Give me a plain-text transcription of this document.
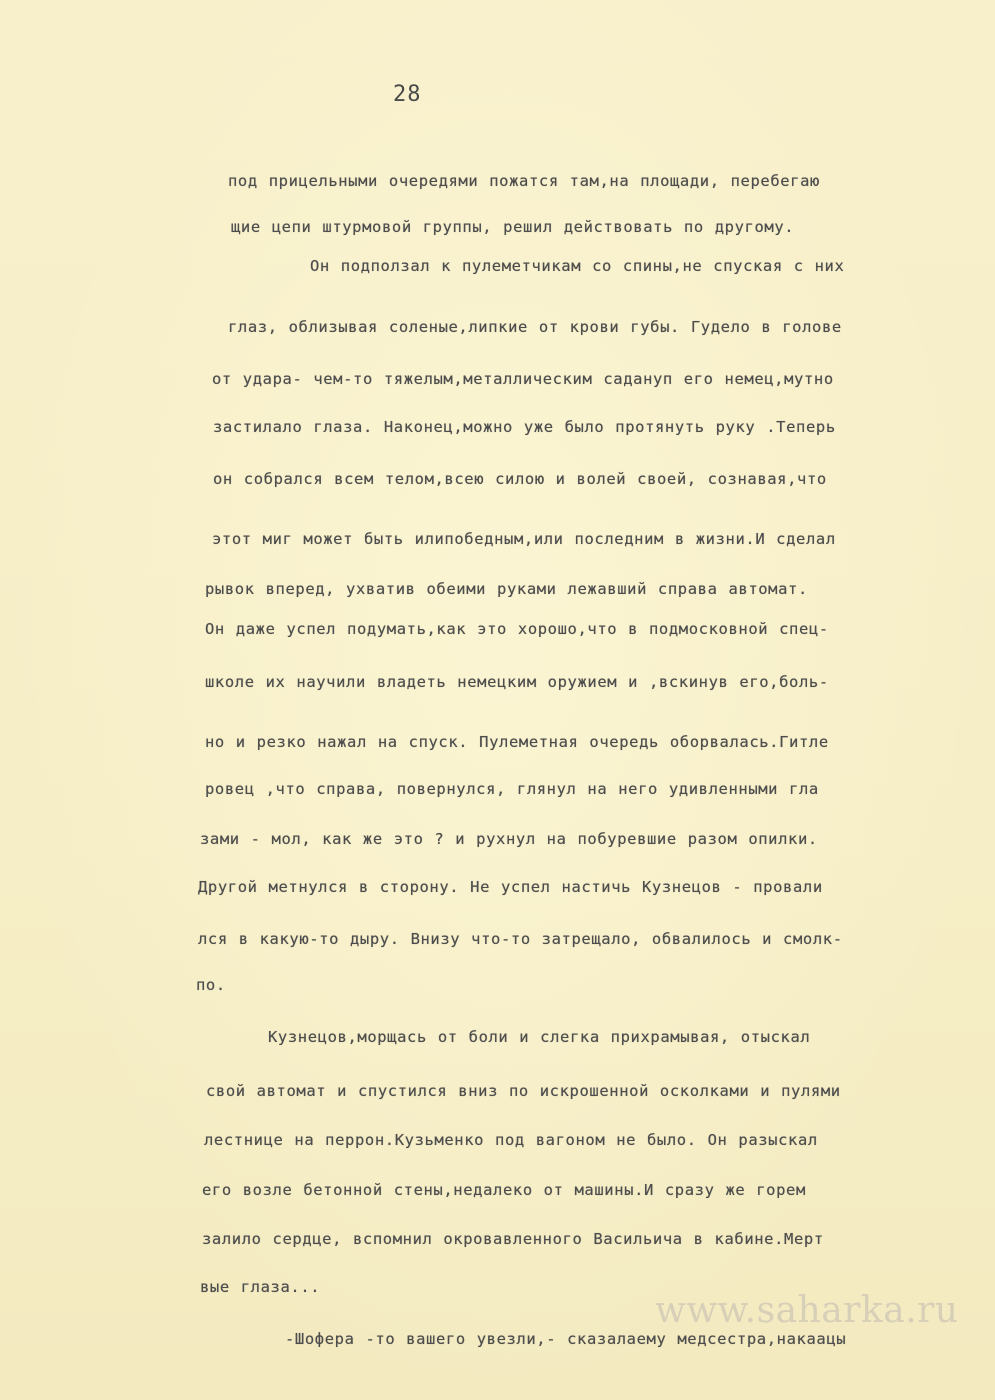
28
под прицельными очередями пожатся там,на площади, перебегаю
щие цепи штурмовой группы, решил действовать по другому.
Он подползал к пулеметчикам со спины,не спуская с них
глаз, облизывая соленые,липкие от крови губы. Гудело в голове
от удара- чем-то тяжелым,металлическим садануп его немец,мутно
застилало глаза. Наконец,можно уже было протянуть руку .Теперь
он собрался всем телом,всею силою и волей своей, сознавая,что
этот миг может быть илипобедным,или последним в жизни.И сделал
рывок вперед, ухватив обеими руками лежавший справа автомат.
Он даже успел подумать,как это хорошо,что в подмосковной спец-
школе их научили владеть немецким оружием и ,вскинув его,боль-
но и резко нажал на спуск. Пулеметная очередь оборвалась.Гитле
ровец ,что справа, повернулся, глянул на него удивленными гла
зами - мол, как же это ? и рухнул на побуревшие разом опилки.
Другой метнулся в сторону. Не успел настичь Кузнецов - провали
лся в какую-то дыру. Внизу что-то затрещало, обвалилось и смолк-
по.
Кузнецов,морщась от боли и слегка прихрамывая, отыскал
свой автомат и спустился вниз по искрошенной осколками и пулями
лестнице на перрон.Кузьменко под вагоном не было. Он разыскал
его возле бетонной стены,недалеко от машины.И сразу же горем
залило сердце, вспомнил окровавленного Васильича в кабине.Мерт
вые глаза...
-Шофера -то вашего увезли,- сказалаему медсестра,накаацы
www.saharka.ru
